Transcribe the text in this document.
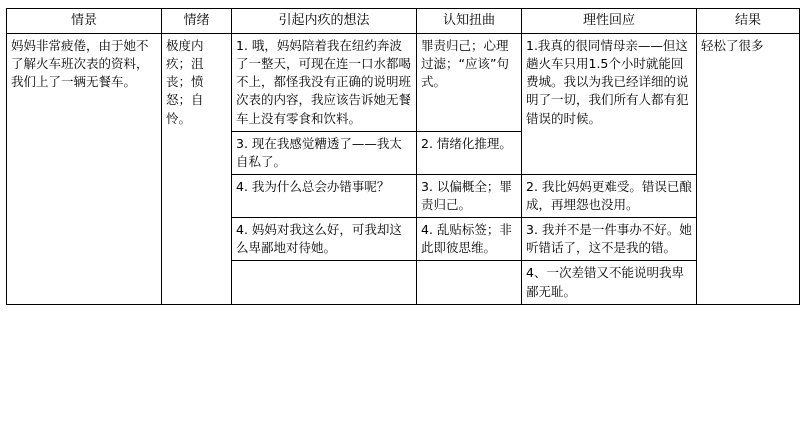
情景	情绪	引起内疚的想法	认知扭曲	理性回应	结果
妈妈非常疲倦，由于她不了解火车班次表的资料，我们上了一辆无餐车。	极度内疚；沮丧；愤怒；自怜。	1. 哦，妈妈陪着我在纽约奔波了一整天，可现在连一口水都喝不上，都怪我没有正确的说明班次表的内容，我应该告诉她无餐车上没有零食和饮料。	罪责归己；心理过滤；“应该”句式。	1.我真的很同情母亲——但这趟火车只用1.5个小时就能回费城。我以为我已经详细的说明了一切，我们所有人都有犯错误的时候。	轻松了很多
		3. 现在我感觉糟透了——我太自私了。	2. 情绪化推理。		
		4. 我为什么总会办错事呢？	3. 以偏概全；罪责归己。	2. 我比妈妈更难受。错误已酿成，再埋怨也没用。	
		4. 妈妈对我这么好，可我却这么卑鄙地对待她。	4. 乱贴标签；非此即彼思维。	3. 我并不是一件事办不好。她听错话了，这不是我的错。	
				4、一次差错又不能说明我卑鄙无耻。	
